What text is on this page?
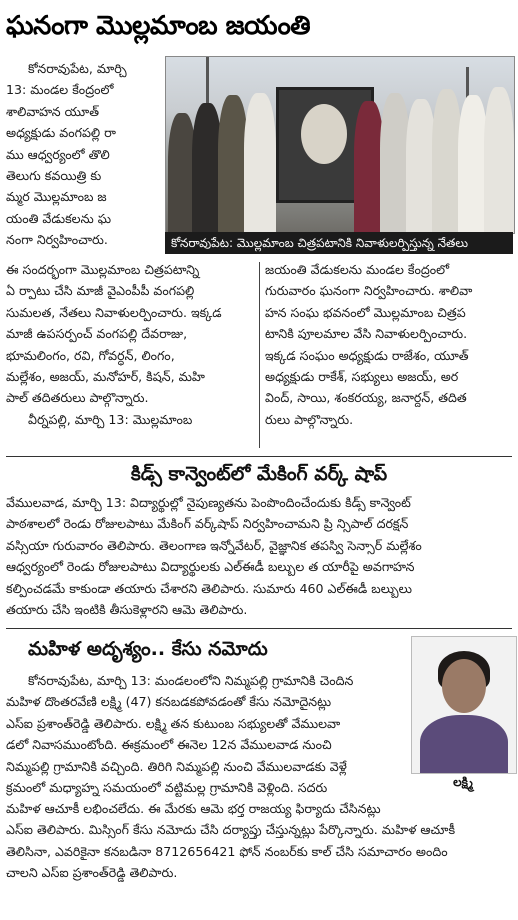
ఘనంగా మొల్లమాంబ జయంతి
కోనరావుపేట, మార్చి
13: మండల కేంద్రంలో
శాలివాహన యూత్
అధ్యక్షుడు వంగపల్లి రా
ము ఆధ్వర్యంలో తొలి
తెలుగు కవయిత్రి కు
మ్మర మొల్లమాంబ జ
యంతి వేడుకలను ఘ
నంగా నిర్వహించారు.	కోనరావుపేట: మొల్లమాంబ చిత్రపటానికి నివాళులర్పిస్తున్న నేతలు
ఈ సందర్భంగా మొల్లమాంబ చిత్రపటాన్ని
ఏ ర్పాటు చేసి మాజీ వైఎంపీపీ వంగపల్లి
సుమలత, నేతలు నివాళులర్పించారు. ఇక్కడ
మాజీ ఉపసర్పంచ్ వంగపల్లి దేవరాజు,
భూమలింగం, రవి, గోవర్ధన్, లింగం,
మల్లేశం, అజయ్, మనోహర్, కిషన్, మహి
పాల్ తదితరులు పాల్గొన్నారు.
వీర్నపల్లి, మార్చి 13: మొల్లమాంబ
జయంతి వేడుకలను మండల కేంద్రంలో
గురువారం ఘనంగా నిర్వహించారు. శాలివా
హన సంఘ భవనంలో మొల్లమాంబ చిత్రప
టానికి పూలమాల వేసి నివాళులర్పించారు.
ఇక్కడ సంఘం అధ్యక్షుడు రాజేశం, యూత్
అధ్యక్షుడు రాకేశ్, సభ్యులు అజయ్, అర
వింద్, సాయి, శంకరయ్య, జనార్దన్, తదిత
రులు పాల్గొన్నారు.
కిడ్స్ కాన్వెంట్‌లో మేకింగ్ వర్క్ షాప్
వేములవాడ, మార్చి 13: విద్యార్థుల్లో నైపుణ్యతను పెంపొందించేందుకు కిడ్స్ కాన్వెంట్
పాఠశాలలో రెండు రోజులపాటు మేకింగ్ వర్క్‌షాప్ నిర్వహించామని ప్రి న్సిపాల్ దరక్షన్
వస్సియా గురువారం తెలిపారు. తెలంగాణ ఇన్నోవేటర్, వైజ్ఞానిక తపస్వి సెన్సార్ మల్లేశం
ఆధ్వర్యంలో రెండు రోజులపాటు విద్యార్థులకు ఎల్‌ఈడీ బల్బుల త యారీపై అవగాహన
కల్పించడమే కాకుండా తయారు చేశారని తెలిపారు. సుమారు 460 ఎల్‌ఈడీ బల్బులు
తయారు చేసి ఇంటికి తీసుకెళ్లారని ఆమె తెలిపారు.
మహిళ అదృశ్యం.. కేసు నమోదు
లక్ష్మి
కోనరావుపేట, మార్చి 13: మండలంలోని నిమ్మపల్లి గ్రామానికి చెందిన
మహిళ దొంతరవేణి లక్ష్మి (47) కనబడకపోవడంతో కేసు నమోదైనట్లు
ఎస్ఐ ప్రశాంత్‌రెడ్డి తెలిపారు. లక్ష్మి తన కుటుంబ సభ్యులతో వేములవా
డలో నివాసముంటోంది. ఈక్రమంలో ఈనెల 12న వేములవాడ నుంచి
నిమ్మపల్లి గ్రామానికి వచ్చింది. తిరిగి నిమ్మపల్లి నుంచి వేములవాడకు వెళ్లే
క్రమంలో మధ్యాహ్న సమయంలో వట్టిమల్ల గ్రామానికి వెళ్లింది. సదరు
మహిళ ఆచూకీ లభించలేదు. ఈ మేరకు ఆమె భర్త రాజయ్య ఫిర్యాదు చేసినట్లు
ఎస్ఐ తెలిపారు. మిస్సింగ్ కేసు నమోదు చేసి దర్యాప్తు చేస్తున్నట్లు పేర్కొన్నారు. మహిళ ఆచూకీ
తెలిసినా, ఎవరికైనా కనబడినా 8712656421 ఫోన్ నంబర్‌కు కాల్ చేసి సమాచారం అందిం
చాలని ఎస్ఐ ప్రశాంత్‌రెడ్డి తెలిపారు.
